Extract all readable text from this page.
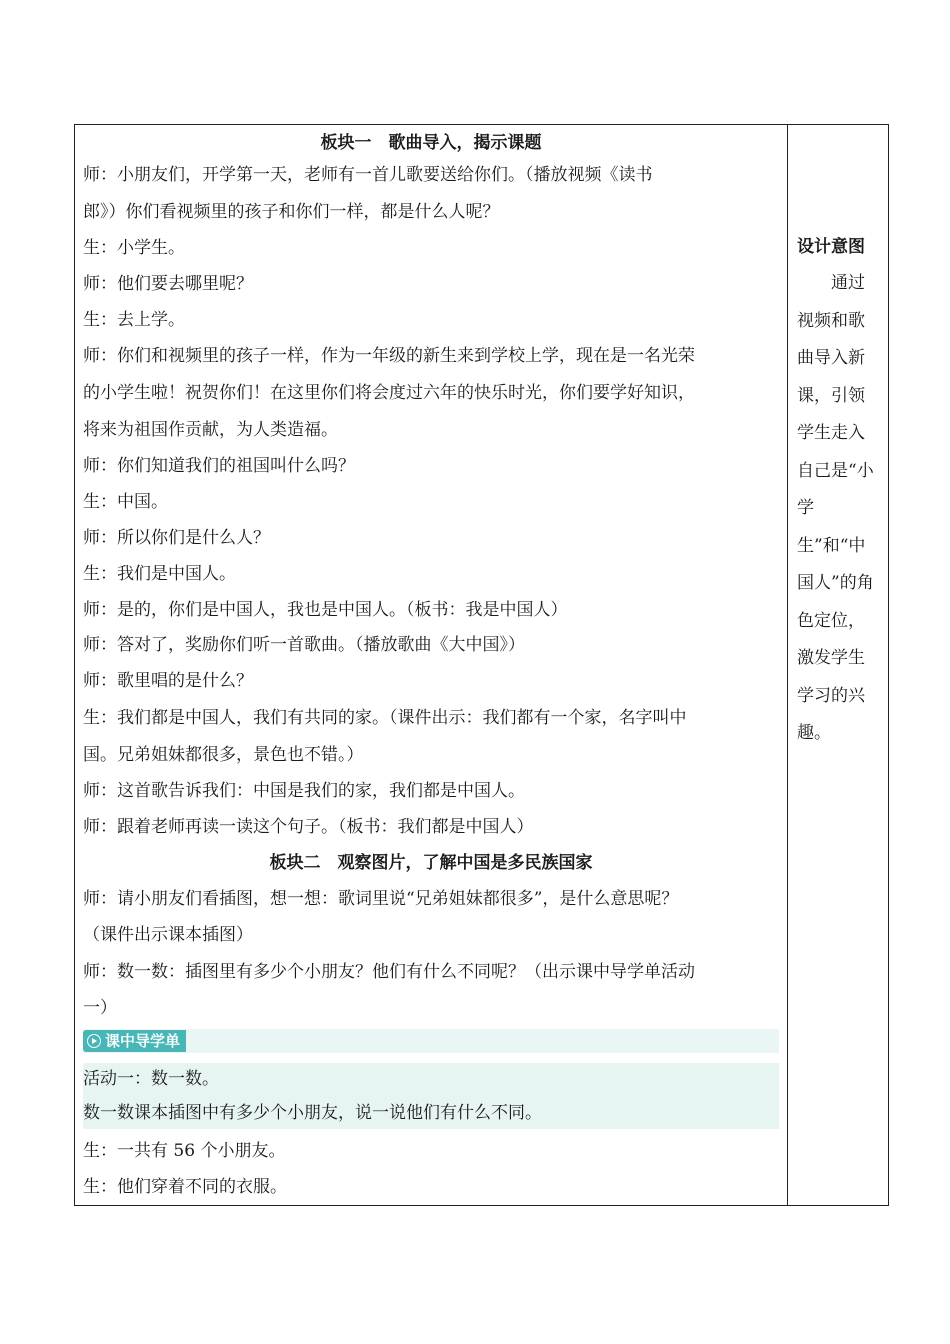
板块一　歌曲导入，揭示课题
师：小朋友们，开学第一天，老师有一首儿歌要送给你们。（播放视频《读书
郎》）你们看视频里的孩子和你们一样，都是什么人呢？
生：小学生。
师：他们要去哪里呢？
生：去上学。
师：你们和视频里的孩子一样，作为一年级的新生来到学校上学，现在是一名光荣
的小学生啦！祝贺你们！在这里你们将会度过六年的快乐时光，你们要学好知识，
将来为祖国作贡献，为人类造福。
师：你们知道我们的祖国叫什么吗？
生：中国。
师：所以你们是什么人？
生：我们是中国人。
师：是的，你们是中国人，我也是中国人。（板书：我是中国人）
师：答对了，奖励你们听一首歌曲。（播放歌曲《大中国》）
师：歌里唱的是什么？
生：我们都是中国人，我们有共同的家。（课件出示：我们都有一个家，名字叫中
国。兄弟姐妹都很多，景色也不错。）
师：这首歌告诉我们：中国是我们的家，我们都是中国人。
师：跟着老师再读一读这个句子。（板书：我们都是中国人）
板块二　观察图片，了解中国是多民族国家
师：请小朋友们看插图，想一想：歌词里说“兄弟姐妹都很多”，是什么意思呢？
（课件出示课本插图）
师：数一数：插图里有多少个小朋友？他们有什么不同呢？（出示课中导学单活动
一）
课中导学单
活动一：数一数。
数一数课本插图中有多少个小朋友，说一说他们有什么不同。
生：一共有 56 个小朋友。
生：他们穿着不同的衣服。
设计意图
通过视频和歌曲导入新课，引领学生走入自己是“小学生”和“中国人”的角色定位，激发学生学习的兴趣。
